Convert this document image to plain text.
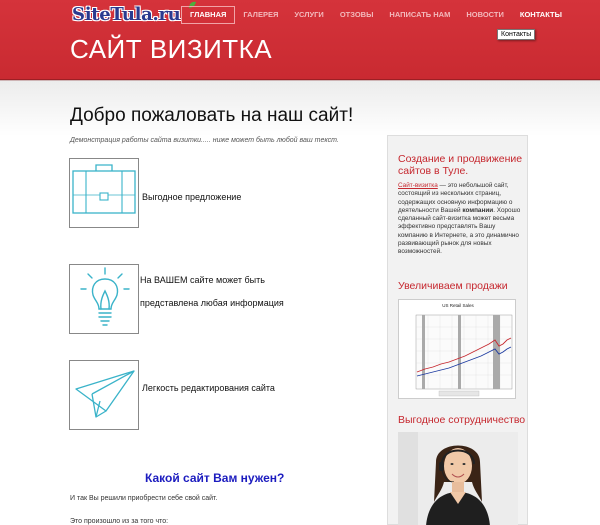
SiteTula.ru
САЙТ ВИЗИТКА
ГЛАВНАЯ	ГАЛЕРЕЯ	УСЛУГИ	ОТЗОВЫ	НАПИСАТЬ НАМ	НОВОСТИ	КОНТАКТЫ
Контакты
Добро пожаловать на наш сайт!
Демонстрация работы сайта визитки..... ниже может быть любой ваш текст.
Выгодное предложение
На ВАШЕМ сайте может быть
представлена любая информация
Легкость редактирования сайта
Какой сайт Вам нужен?
И так Вы решили приобрести себе свой сайт.
Это произошло из за того что:
Создание и продвижение
сайтов в Туле.
Сайт-визитка — это небольшой сайт, состоящий из нескольких страниц, содержащих основную информацию о деятельности Вашей компании. Хорошо сделанный сайт-визитка может весьма эффективно представлять Вашу компанию в Интернете, а это динамично развивающий рынок для новых возможностей.
Увеличиваем продажи
US Retail Sales
Выгодное сотрудничество
